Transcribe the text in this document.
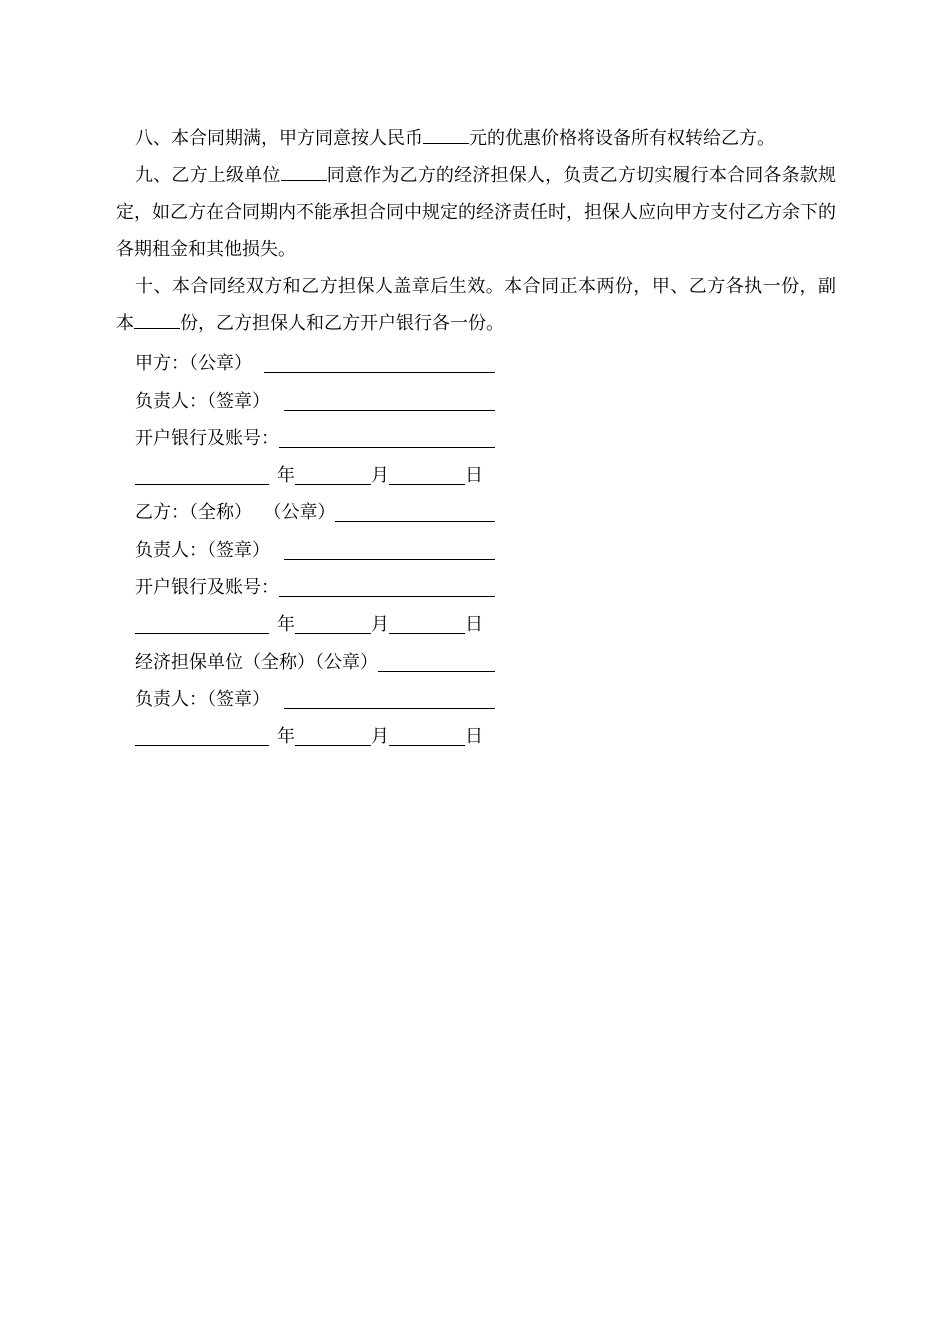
八、本合同期满，甲方同意按人民币	元的优惠价格将设备所有权转给乙方。

九、乙方上级单位	同意作为乙方的经济担保人，负责乙方切实履行本合同各条款规定，如乙方在合同期内不能承担合同中规定的经济责任时，担保人应向甲方支付乙方余下的各期租金和其他损失。

十、本合同经双方和乙方担保人盖章后生效。本合同正本两份，甲、乙方各执一份，副本	份，乙方担保人和乙方开户银行各一份。

甲方：（公章）
负责人：（签章）
开户银行及账号：
年	月	日
乙方：（全称）  （公章）
负责人：（签章）
开户银行及账号：
年	月	日
经济担保单位（全称）（公章）
负责人：（签章）
年	月	日
